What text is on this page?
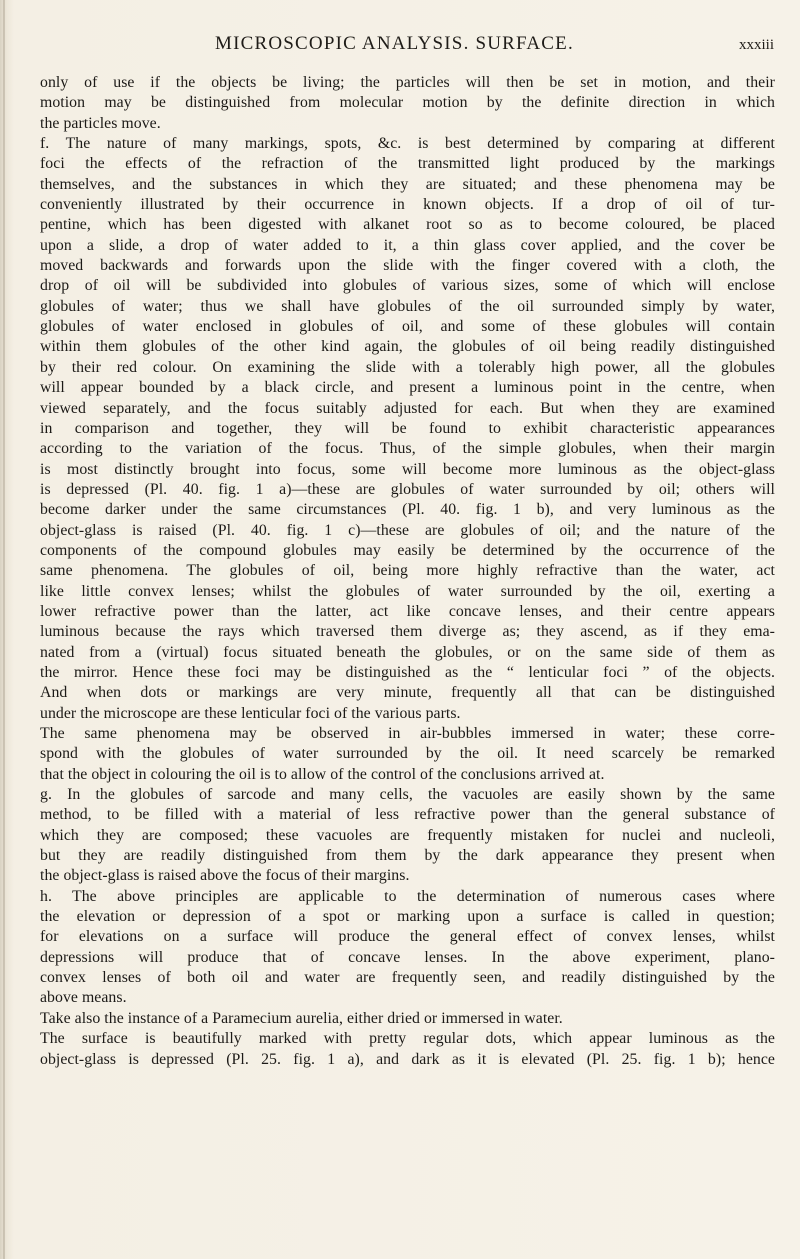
MICROSCOPIC ANALYSIS. SURFACE.	xxxiii
only of use if the objects be living; the particles will then be set in motion, and their
motion may be distinguished from molecular motion by the definite direction in which
the particles move.
f. The nature of many markings, spots, &c. is best determined by comparing at different
foci the effects of the refraction of the transmitted light produced by the markings
themselves, and the substances in which they are situated; and these phenomena may be
conveniently illustrated by their occurrence in known objects. If a drop of oil of tur-
pentine, which has been digested with alkanet root so as to become coloured, be placed
upon a slide, a drop of water added to it, a thin glass cover applied, and the cover be
moved backwards and forwards upon the slide with the finger covered with a cloth, the
drop of oil will be subdivided into globules of various sizes, some of which will enclose
globules of water; thus we shall have globules of the oil surrounded simply by water,
globules of water enclosed in globules of oil, and some of these globules will contain
within them globules of the other kind again, the globules of oil being readily distinguished
by their red colour. On examining the slide with a tolerably high power, all the globules
will appear bounded by a black circle, and present a luminous point in the centre, when
viewed separately, and the focus suitably adjusted for each. But when they are examined
in comparison and together, they will be found to exhibit characteristic appearances
according to the variation of the focus. Thus, of the simple globules, when their margin
is most distinctly brought into focus, some will become more luminous as the object-glass
is depressed (Pl. 40. fig. 1 a)—these are globules of water surrounded by oil; others will
become darker under the same circumstances (Pl. 40. fig. 1 b), and very luminous as the
object-glass is raised (Pl. 40. fig. 1 c)—these are globules of oil; and the nature of the
components of the compound globules may easily be determined by the occurrence of the
same phenomena. The globules of oil, being more highly refractive than the water, act
like little convex lenses; whilst the globules of water surrounded by the oil, exerting a
lower refractive power than the latter, act like concave lenses, and their centre appears
luminous because the rays which traversed them diverge as; they ascend, as if they ema-
nated from a (virtual) focus situated beneath the globules, or on the same side of them as
the mirror. Hence these foci may be distinguished as the “ lenticular foci ” of the objects.
And when dots or markings are very minute, frequently all that can be distinguished
under the microscope are these lenticular foci of the various parts.
The same phenomena may be observed in air-bubbles immersed in water; these corre-
spond with the globules of water surrounded by the oil. It need scarcely be remarked
that the object in colouring the oil is to allow of the control of the conclusions arrived at.
g. In the globules of sarcode and many cells, the vacuoles are easily shown by the same
method, to be filled with a material of less refractive power than the general substance of
which they are composed; these vacuoles are frequently mistaken for nuclei and nucleoli,
but they are readily distinguished from them by the dark appearance they present when
the object-glass is raised above the focus of their margins.
h. The above principles are applicable to the determination of numerous cases where
the elevation or depression of a spot or marking upon a surface is called in question;
for elevations on a surface will produce the general effect of convex lenses, whilst
depressions will produce that of concave lenses. In the above experiment, plano-
convex lenses of both oil and water are frequently seen, and readily distinguished by the
above means.
Take also the instance of a Paramecium aurelia, either dried or immersed in water.
The surface is beautifully marked with pretty regular dots, which appear luminous as the
object-glass is depressed (Pl. 25. fig. 1 a), and dark as it is elevated (Pl. 25. fig. 1 b); hence
